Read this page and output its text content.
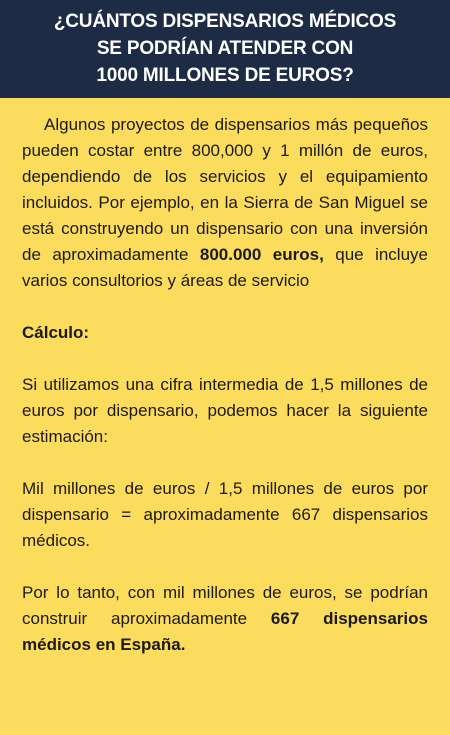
¿CUÁNTOS DISPENSARIOS MÉDICOS
SE PODRÍAN ATENDER CON
1000 MILLONES DE EUROS?

Algunos proyectos de dispensarios más pequeños pueden costar entre 800,000 y 1 millón de euros, dependiendo de los servicios y el equipamiento incluidos. Por ejemplo, en la Sierra de San Miguel se está construyendo un dispensario con una inversión de aproximadamente 800.000 euros, que incluye varios consultorios y áreas de servicio

Cálculo:

Si utilizamos una cifra intermedia de 1,5 millones de euros por dispensario, podemos hacer la siguiente estimación:

Mil millones de euros / 1,5 millones de euros por dispensario = aproximadamente 667 dispensarios médicos.

Por lo tanto, con mil millones de euros, se podrían construir aproximadamente 667 dispensarios médicos en España.
